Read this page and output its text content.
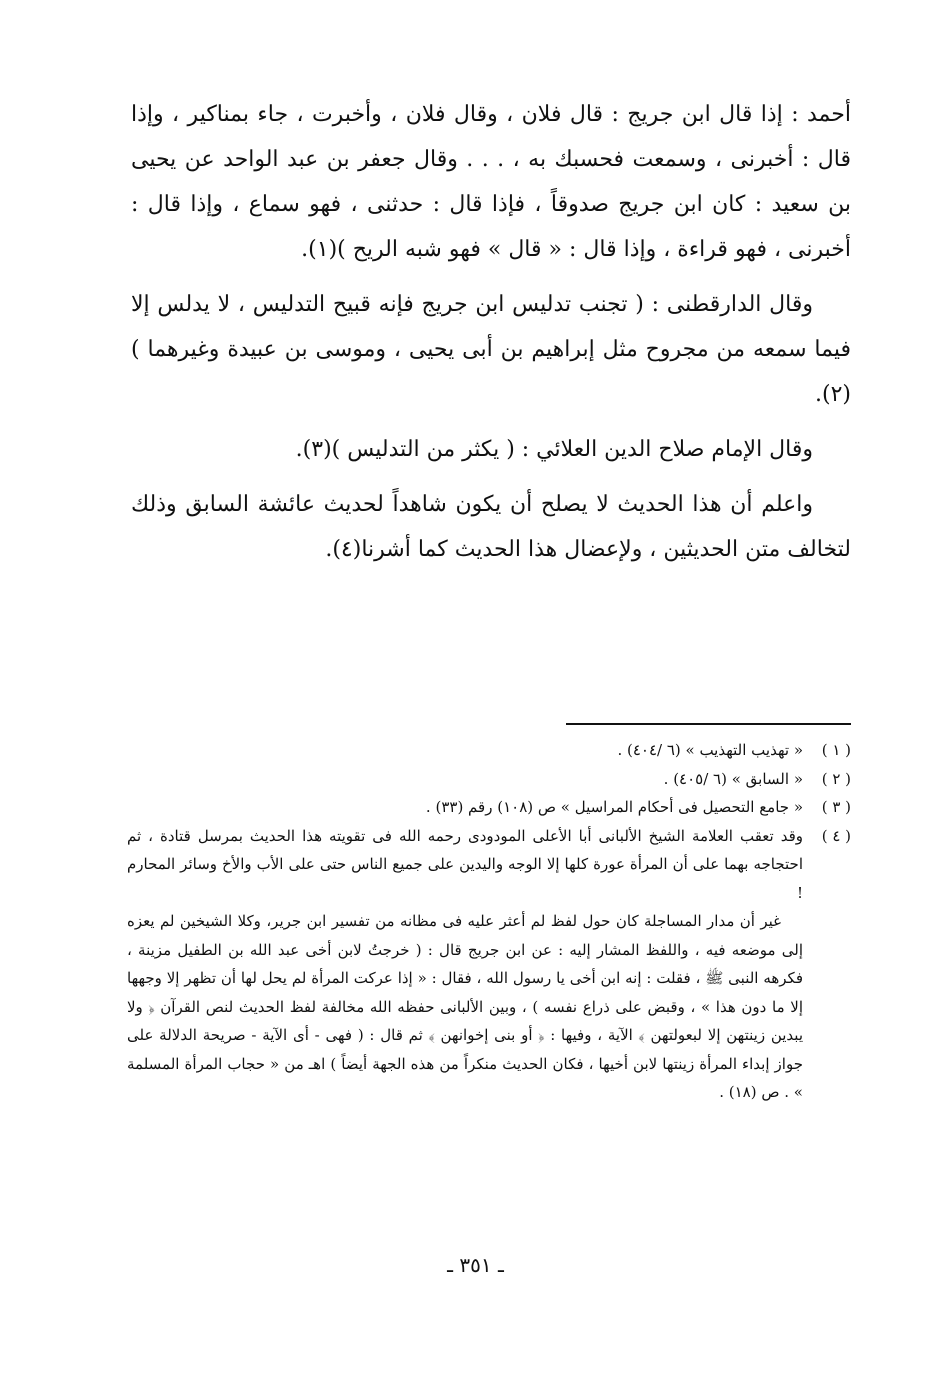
أحمد : إذا قال ابن جريج : قال فلان ، وقال فلان ، وأخبرت ، جاء بمناكير ، وإذا قال : أخبرنى ، وسمعت فحسبك به ، . . . وقال جعفر بن عبد الواحد عن يحيى بن سعيد : كان ابن جريج صدوقاً ، فإذا قال : حدثنى ، فهو سماع ، وإذا قال : أخبرنى ، فهو قراءة ، وإذا قال : « قال » فهو شبه الريح )(١).

وقال الدارقطنى : ( تجنب تدليس ابن جريج فإنه قبيح التدليس ، لا يدلس إلا فيما سمعه من مجروح مثل إبراهيم بن أبى يحيى ، وموسى بن عبيدة وغيرهما )(٢).

وقال الإمام صلاح الدين العلائي : ( يكثر من التدليس )(٣).

واعلم أن هذا الحديث لا يصلح أن يكون شاهداً لحديث عائشة السابق وذلك لتخالف متن الحديثين ، ولإعضال هذا الحديث كما أشرنا(٤).

( ١ )

« تهذيب التهذيب » (٦ /٤٠٤) .

( ٢ )

« السابق » (٦ /٤٠٥) .

( ٣ )

« جامع التحصيل فى أحكام المراسيل » ص (١٠٨) رقم (٣٣) .

( ٤ )

وقد تعقب العلامة الشيخ الألبانى أبا الأعلى المودودى رحمه الله فى تقويته هذا الحديث بمرسل قتادة ، ثم احتجاجه بهما على أن المرأة عورة كلها إلا الوجه واليدين على جميع الناس حتى على الأب والأخ وسائر المحارم !

غير أن مدار المساجلة كان حول لفظ لم أعثر عليه فى مظانه من تفسير ابن جرير، وكلا الشيخين لم يعزه إلى موضعه فيه ، واللفظ المشار إليه : عن ابن جريج قال : ( خرجتُ لابن أخى عبد الله بن الطفيل مزينة ، فكرهه النبى ﷺ ، فقلت : إنه ابن أخى يا رسول الله ، فقال : « إذا عركت المرأة لم يحل لها أن تظهر إلا وجهها إلا ما دون هذا » ، وقبض على ذراع نفسه ) ، وبين الألبانى حفظه الله مخالفة لفظ الحديث لنص القرآن ﴿ ولا يبدين زينتهن إلا لبعولتهن ﴾ الآية ، وفيها : ﴿ أو بنى إخوانهن ﴾ ثم قال : ( فهى - أى الآية - صريحة الدلالة على جواز إبداء المرأة زينتها لابن أخيها ، فكان الحديث منكراً من هذه الجهة أيضاً ) اهـ من « حجاب المرأة المسلمة » . ص (١٨) .

ـ ٣٥١ ـ
